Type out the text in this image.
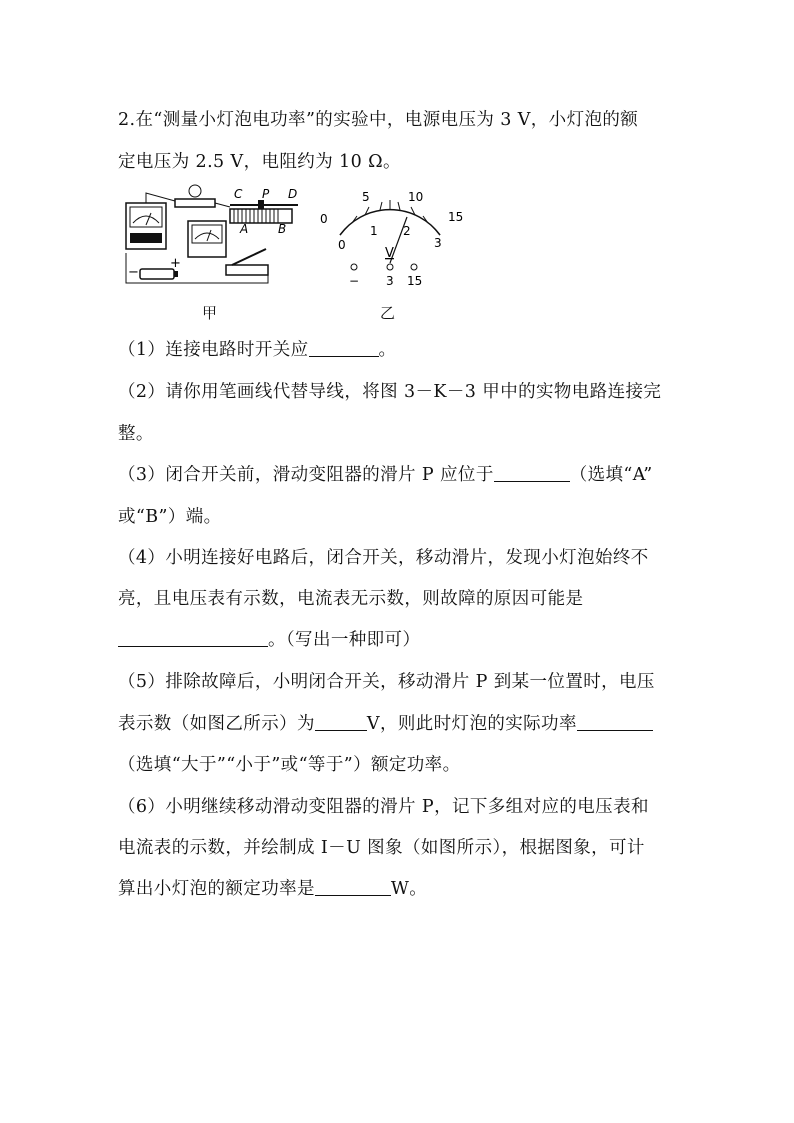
2.在“测量小灯泡电功率”的实验中，电源电压为 3 V，小灯泡的额
定电压为 2.5 V，电阻约为 10 Ω。
C P D
A B
−
+
0
5	10
15
0
1 2
3
V
− 3 15
甲	乙
（1）连接电路时开关应	。
（2）请你用笔画线代替导线，将图 3－K－3 甲中的实物电路连接完
整。
（3）闭合开关前，滑动变阻器的滑片 P 应位于	（选填“A”
或“B”）端。
（4）小明连接好电路后，闭合开关，移动滑片，发现小灯泡始终不
亮，且电压表有示数，电流表无示数，则故障的原因可能是
。（写出一种即可）
（5）排除故障后，小明闭合开关，移动滑片 P 到某一位置时，电压
表示数（如图乙所示）为	V，则此时灯泡的实际功率
（选填“大于”“小于”或“等于”）额定功率。
（6）小明继续移动滑动变阻器的滑片 P，记下多组对应的电压表和
电流表的示数，并绘制成 I－U 图象（如图所示），根据图象，可计
算出小灯泡的额定功率是	W。
